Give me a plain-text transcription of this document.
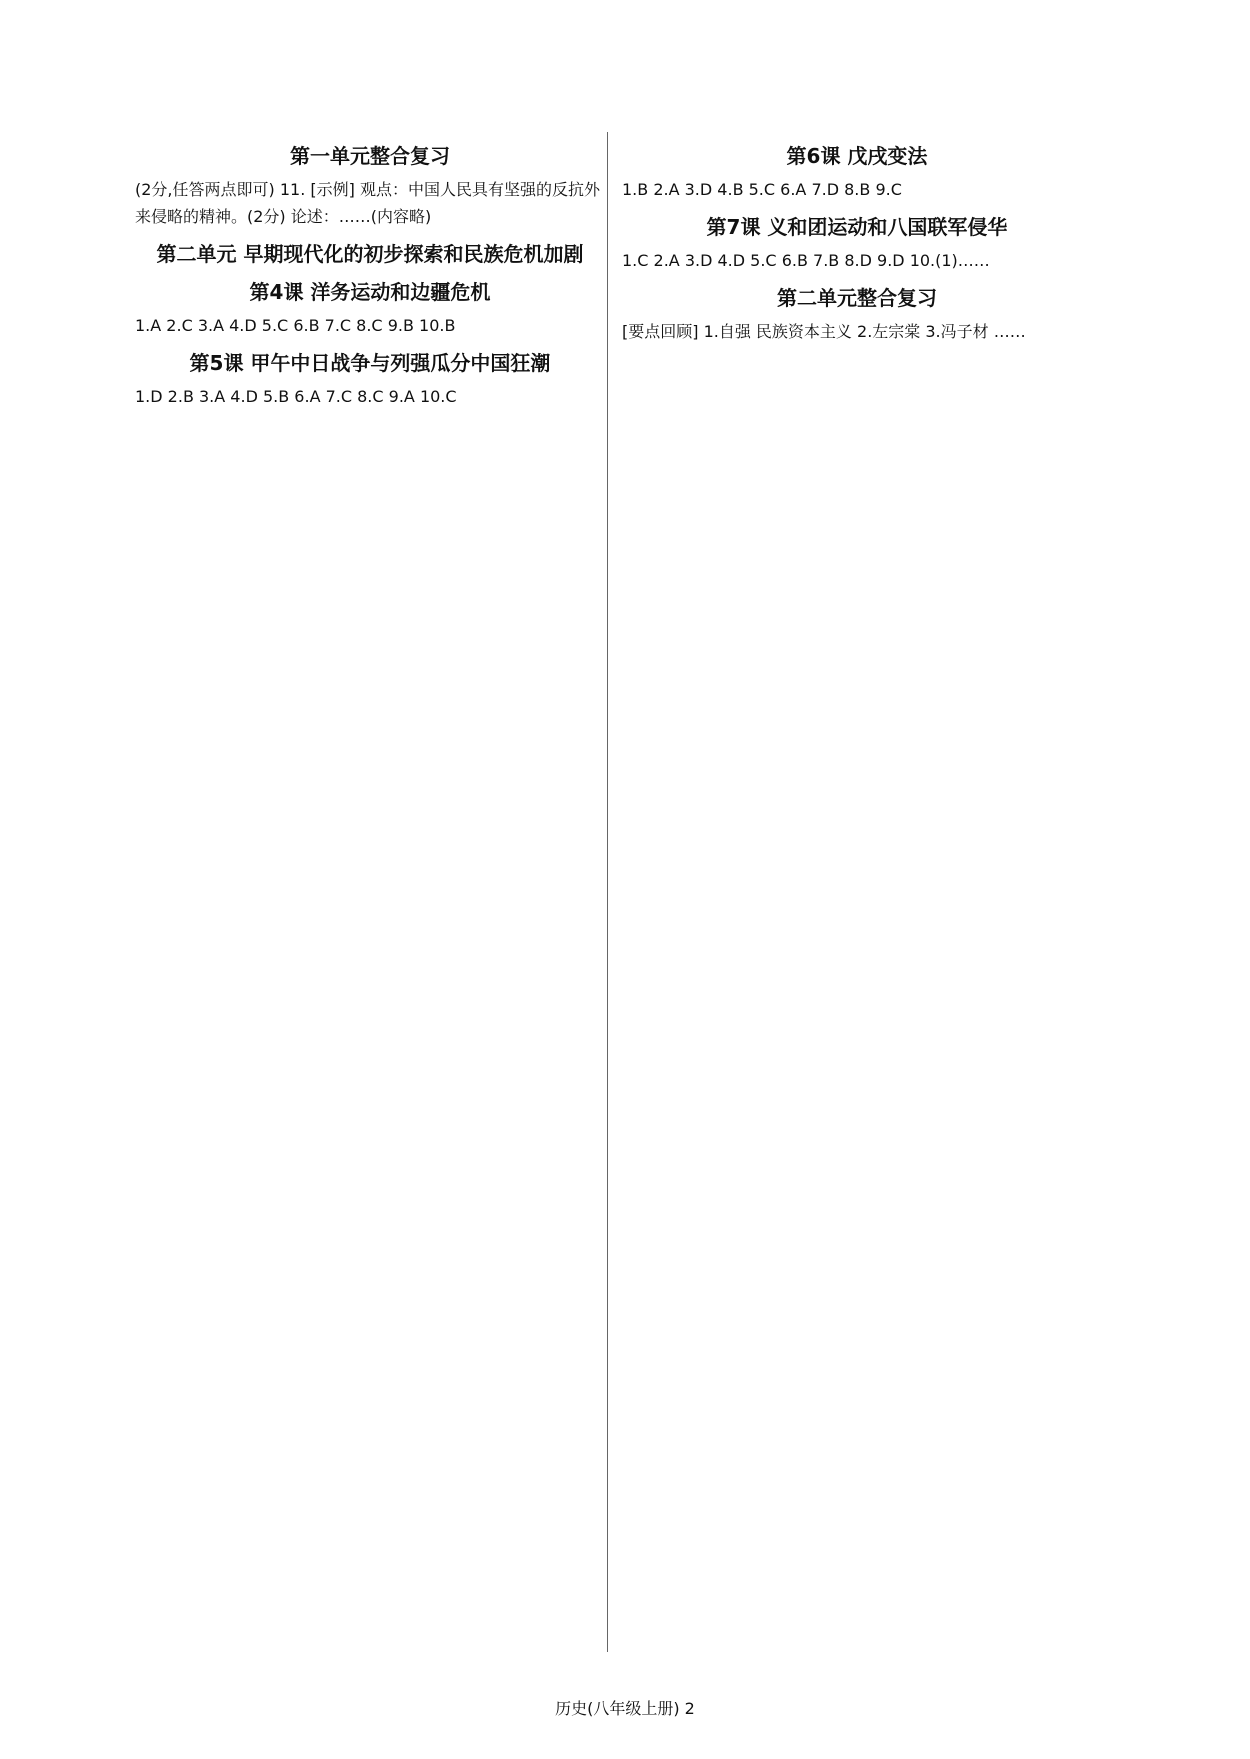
第一单元整合复习

(2分,任答两点即可) 11. [示例] 观点：中国人民具有坚强的反抗外来侵略的精神。(2分) 论述：……(内容略)

第二单元 早期现代化的初步探索和民族危机加剧
第4课 洋务运动和边疆危机

1.A 2.C 3.A 4.D 5.C 6.B 7.C 8.C 9.B 10.B

第5课 甲午中日战争与列强瓜分中国狂潮

1.D 2.B 3.A 4.D 5.B 6.A 7.C 8.C 9.A 10.C

第6课 戊戌变法

1.B 2.A 3.D 4.B 5.C 6.A 7.D 8.B 9.C

第7课 义和团运动和八国联军侵华

1.C 2.A 3.D 4.D 5.C 6.B 7.B 8.D 9.D 10.(1)……

第二单元整合复习

[要点回顾] 1.自强 民族资本主义 2.左宗棠 3.冯子材 ……

历史(八年级上册) 2
